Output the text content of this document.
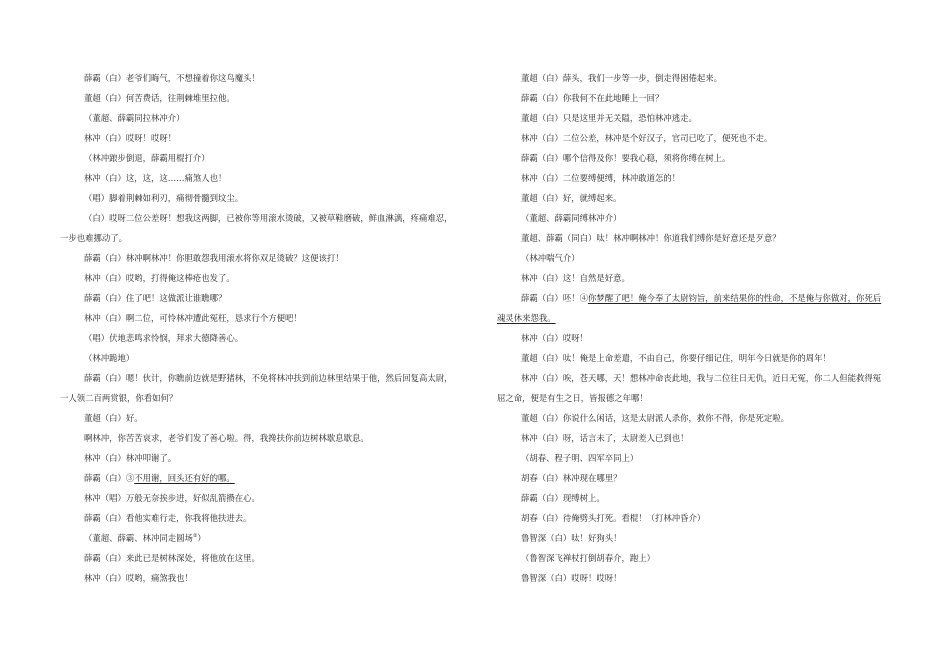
薛霸（白）老爷们晦气，不想撞着你这鸟魔头！
董超（白）何苦费话，往荆棘堆里拉他。
（董超、薛霸同拉林冲介）
林冲（白）哎呀！哎呀！
（林冲踉步倒退，薛霸用棍打介）
林冲（白）这，这，这……痛煞人也！
（唱）脚着荆棘如利刃，痛彻骨髓到坟尘。
（白）哎呀二位公差呀！想我这两脚，已被你等用滚水烫破，又被草鞋磨破，鲜血淋漓，疼痛难忍，一步也难挪动了。
薛霸（白）林冲啊林冲！你胆敢怨我用滚水将你双足烫破？这便该打！
林冲（白）哎哟，打得俺这棒疮也发了。
薛霸（白）住了吧！这做派让谁瞧哪？
林冲（白）啊二位，可怜林冲遭此冤枉，恳求行个方便吧！
（唱）伏地悲鸣求怜悯，拜求大德降善心。
（林冲跪地）
薛霸（白）嗯！伙计，你瞧前边就是野猪林，不免将林冲扶到前边林里结果于他，然后回复高太尉，一人领二百两赏银，你看如何？
董超（白）好。
啊林冲，你苦苦哀求，老爷们发了善心啦。得，我搀扶你前边树林歇息歇息。
林冲（白）林冲叩谢了。
薛霸（白）③不用谢，回头还有好的哪。
林冲（唱）万般无奈挨步进，好似乱箭攒在心。
薛霸（白）看他实难行走，你我将他扶进去。
（董超、薛霸、林冲同走圆场②）
薛霸（白）来此已是树林深处，将他放在这里。
林冲（白）哎哟，痛煞我也！
董超（白）薛头，我们一步等一步，倒走得困倦起来。
薛霸（白）你我何不在此地睡上一回？
董超（白）只是这里并无关隘，恐怕林冲逃走。
林冲（白）二位公差，林冲是个好汉子，官司已吃了，便死也不走。
薛霸（白）哪个信得及你！要我心稳，须将你缚在树上。
林冲（白）二位要缚便缚，林冲敢道怎的！
董超（白）好，就缚起来。
（董超、薛霸同缚林冲介）
董超、薛霸（同白）呔！林冲啊林冲！你道我们缚你是好意还是歹意？
（林冲喘气介）
林冲（白）这！自然是好意。
薛霸（白）呸！④你梦醒了吧！俺今奉了太尉钧旨，前来结果你的性命，不是俺与你做对，你死后魂灵休来怨我。
林冲（白）哎呀！
董超（白）呔！俺是上命差遣，不由自己，你要仔细记住，明年今日就是你的周年！
林冲（白）唉，苍天哪，天！想林冲命丧此地，我与二位往日无仇，近日无冤，你二人但能救得冤屈之命，便是有生之日，皆报德之年哪！
董超（白）你说什么闲话，这是太尉派人杀你，救你不得，你是死定啦。
林冲（白）呀，话言未了，太尉差人已到也！
（胡春、程子明、四军卒同上）
胡春（白）林冲现在哪里？
薛霸（白）现缚树上。
胡春（白）待俺劈头打死。看棍！（打林冲昏介）
鲁智深（白）呔！好狗头！
（鲁智深飞禅杖打倒胡春介，跑上）
鲁智深（白）哎呀！哎呀！
